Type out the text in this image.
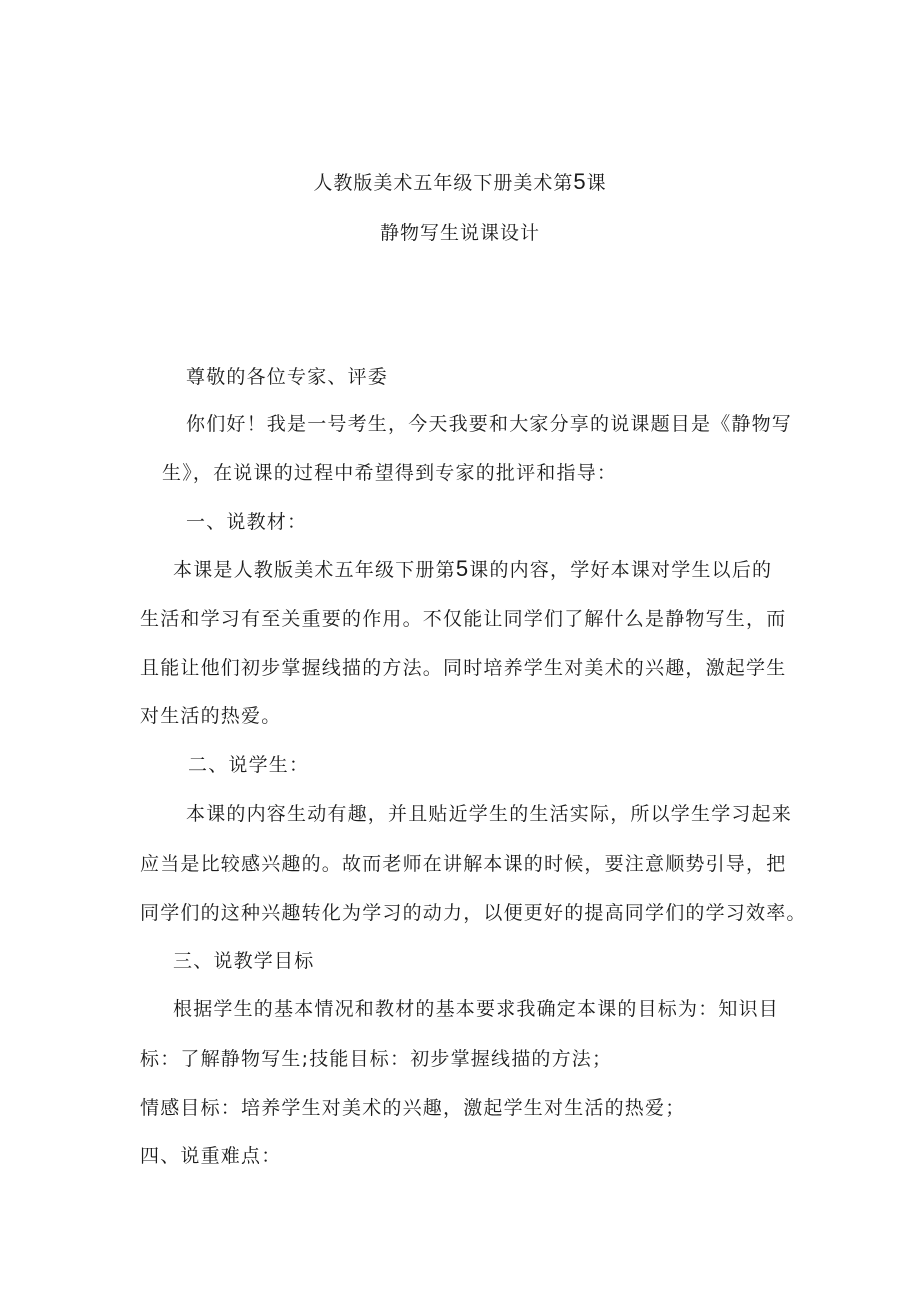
人教版美术五年级下册美术第5课
静物写生说课设计
尊敬的各位专家、评委
你们好！我是一号考生，今天我要和大家分享的说课题目是《静物写
生》，在说课的过程中希望得到专家的批评和指导：
一、说教材：
本课是人教版美术五年级下册第5课的内容，学好本课对学生以后的
生活和学习有至关重要的作用。不仅能让同学们了解什么是静物写生，而
且能让他们初步掌握线描的方法。同时培养学生对美术的兴趣，激起学生
对生活的热爱。
二、说学生：
本课的内容生动有趣，并且贴近学生的生活实际，所以学生学习起来
应当是比较感兴趣的。故而老师在讲解本课的时候，要注意顺势引导，把
同学们的这种兴趣转化为学习的动力，以便更好的提高同学们的学习效率。
三、说教学目标
根据学生的基本情况和教材的基本要求我确定本课的目标为：知识目
标：了解静物写生;技能目标：初步掌握线描的方法；
情感目标：培养学生对美术的兴趣，激起学生对生活的热爱；
四、说重难点：
